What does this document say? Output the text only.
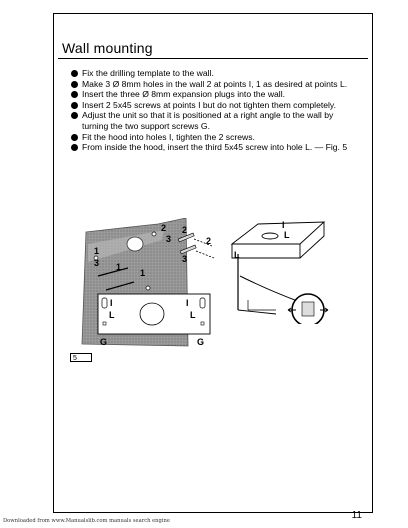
Wall mounting
Fix the drilling template to the wall.
Make 3 Ø 8mm holes in the wall 2 at points I, 1 as desired at points L.
Insert the three Ø 8mm expansion plugs into the wall.
Insert 2 5x45 screws at points I but do not tighten them completely.
Adjust the unit so that it is positioned at a right angle to the wall by turning the two support screws G.
Fit the hood into holes I, tighten the 2 screws.
From inside the hood, insert the third 5x45 screw into hole L. — Fig. 5
2
3
1
3 1
1
2
2
3
I
L
I
L
G	G
I
L
L
5
11
Downloaded from www.Manualslib.com manuals search engine
